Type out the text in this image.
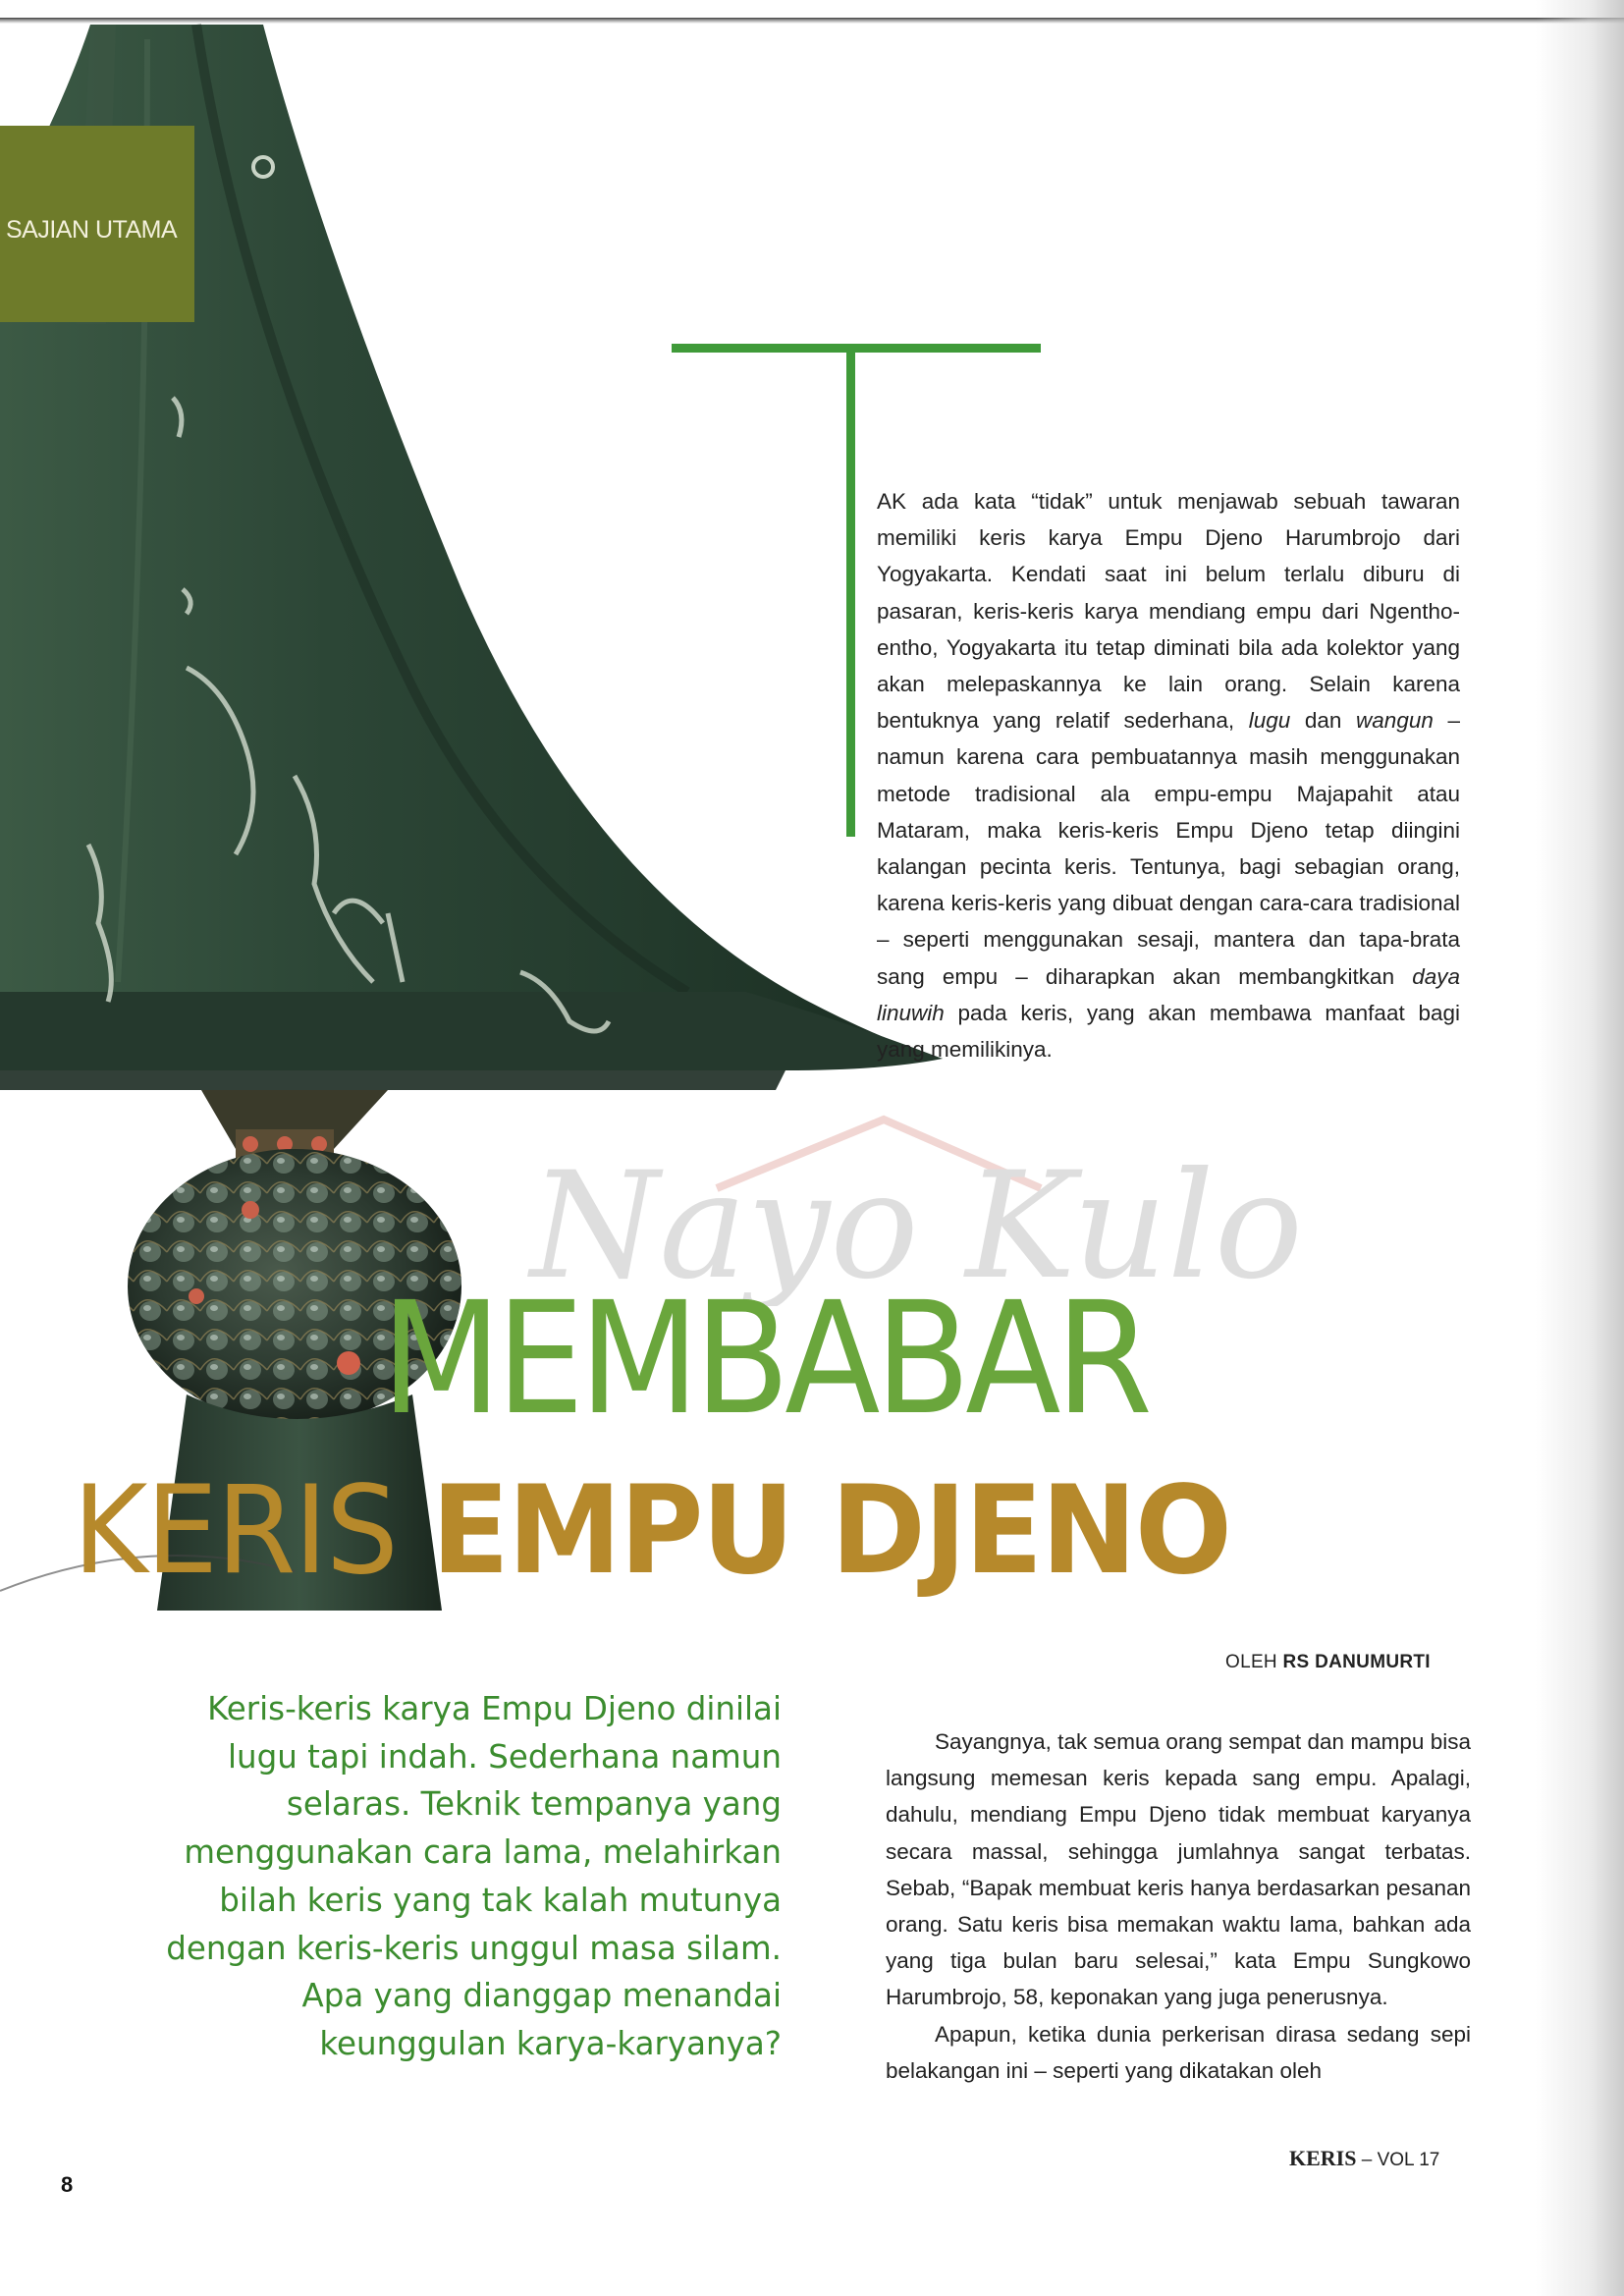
Nayo Kulo
SAJIAN UTAMA
AK ada kata “tidak” untuk menjawab sebuah tawaran memiliki keris karya Empu Djeno Harumbrojo dari Yogyakarta. Kendati saat ini belum terlalu diburu di pasaran, keris-keris karya mendiang empu dari Ngentho-entho, Yogyakarta itu tetap diminati bila ada kolektor yang akan melepaskannya ke lain orang. Selain karena bentuknya yang relatif sederhana, lugu dan wangun – namun karena cara pembuatannya masih menggunakan metode tradisional ala empu-empu Majapahit atau Mataram, maka keris-keris Empu Djeno tetap diingini kalangan pecinta keris. Tentunya, bagi sebagian orang, karena keris-keris yang dibuat dengan cara-cara tradisional – seperti menggunakan sesaji, mantera dan tapa-brata sang empu – diharapkan akan membangkitkan daya linuwih pada keris, yang akan membawa manfaat bagi yang memilikinya.
MEMBABAR
KERIS EMPU DJENO
OLEH RS DANUMURTI
Keris-keris karya Empu Djeno dinilai lugu tapi indah. Sederhana namun selaras. Teknik tempanya yang menggunakan cara lama, melahirkan bilah keris yang tak kalah mutunya dengan keris-keris unggul masa silam. Apa yang dianggap menandai keunggulan karya-karyanya?

Sayangnya, tak semua orang sempat dan mampu bisa langsung memesan keris kepada sang empu. Apalagi, dahulu, mendiang Empu Djeno tidak membuat karyanya secara massal, sehingga jumlahnya sangat terbatas. Sebab, “Bapak membuat keris hanya berdasarkan pesanan orang. Satu keris bisa memakan waktu lama, bahkan ada yang tiga bulan baru selesai,” kata Empu Sungkowo Harumbrojo, 58, keponakan yang juga penerusnya.

Apapun, ketika dunia perkerisan dirasa sedang sepi belakangan ini – seperti yang dikatakan oleh

8
KERIS – VOL 17
